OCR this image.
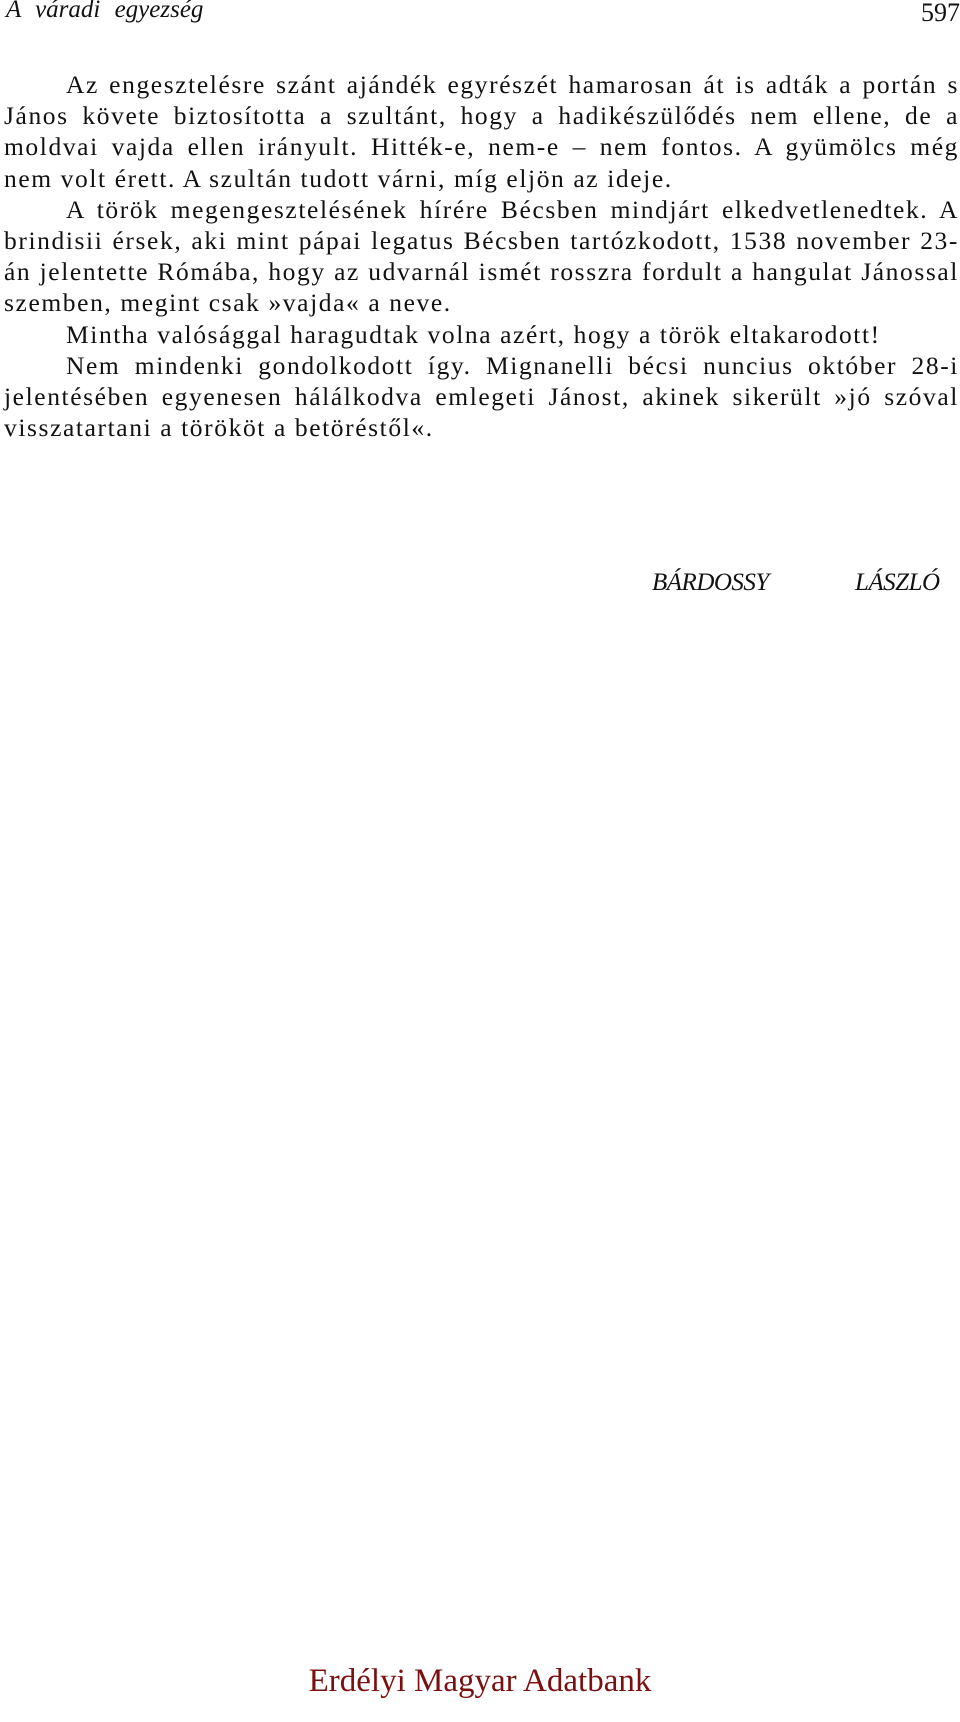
A váradi egyezség	597

Az engesztelésre szánt ajándék egyrészét hamarosan át is adták a portán s János követe biztosította a szultánt, hogy a hadikészülődés nem ellene, de a moldvai vajda ellen irányult. Hitték-e, nem-e – nem fontos. A gyümölcs még nem volt érett. A szultán tudott várni, míg eljön az ideje.

A török megengesztelésének hírére Bécsben mindjárt elkedvetlenedtek. A brindisii érsek, aki mint pápai legatus Bécsben tartózkodott, 1538 november 23-án jelentette Rómába, hogy az udvarnál ismét rosszra fordult a hangulat Jánossal szemben, megint csak »vajda« a neve.

Mintha valósággal haragudtak volna azért, hogy a török eltakarodott!

Nem mindenki gondolkodott így. Mignanelli bécsi nuncius október 28-i jelentésében egyenesen hálálkodva emlegeti Jánost, akinek sikerült »jó szóval visszatartani a törököt a betöréstől«.

BÁRDOSSY	LÁSZLÓ
Erdélyi Magyar Adatbank
